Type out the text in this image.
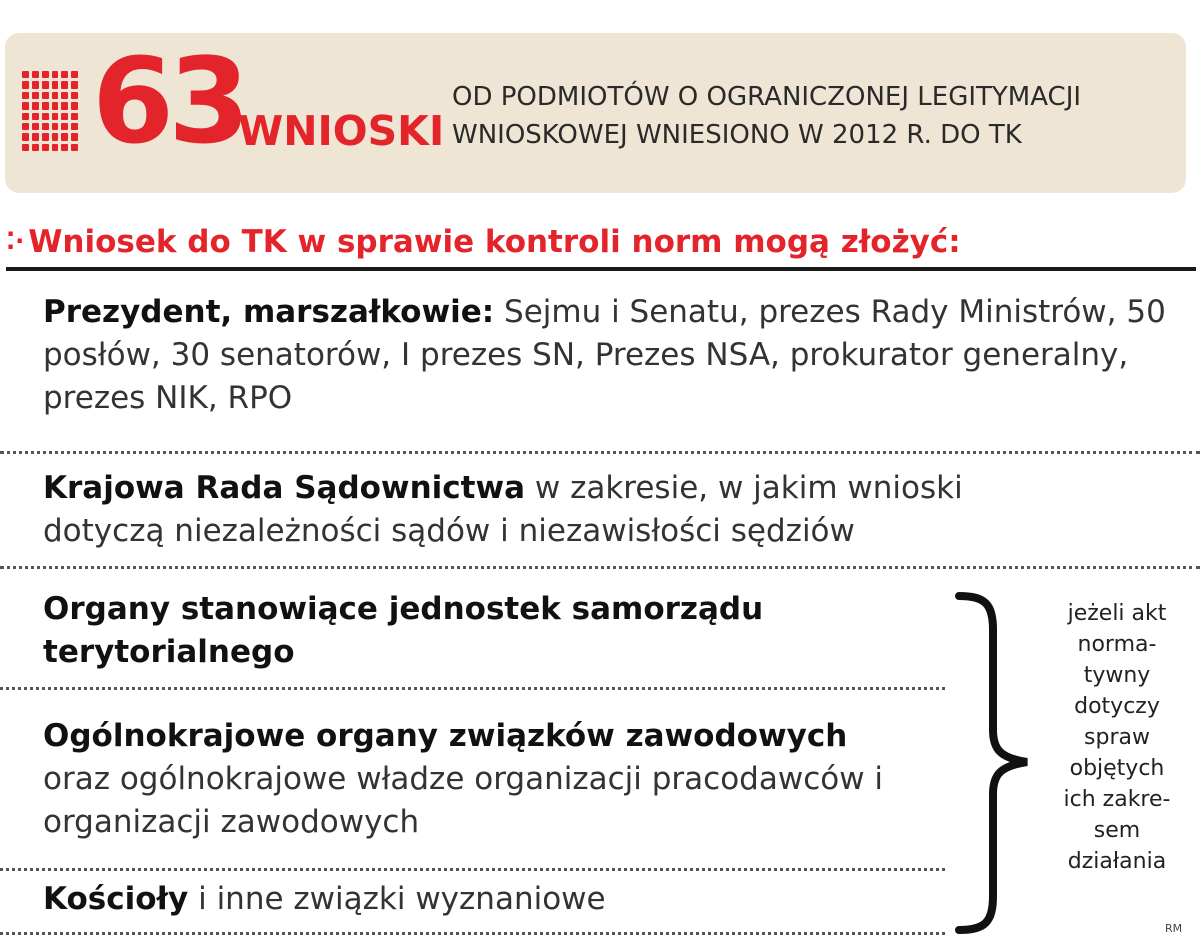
63
WNIOSKI
OD PODMIOTÓW O OGRANICZONEJ LEGITYMACJI WNIOSKOWEJ WNIESIONO W 2012 R. DO TK
⁚· Wniosek do TK w sprawie kontroli norm mogą złożyć:
Prezydent, marszałkowie: Sejmu i Senatu, prezes Rady Ministrów, 50 posłów, 30 senatorów, I prezes SN, Prezes NSA, prokurator generalny, prezes NIK, RPO
Krajowa Rada Sądownictwa w zakresie, w jakim wnioski dotyczą niezależności sądów i niezawisłości sędziów
Organy stanowiące jednostek samorządu terytorialnego
Ogólnokrajowe organy związków zawodowych
oraz ogólnokrajowe władze organizacji pracodawców i organizacji zawodowych
Kościoły i inne związki wyznaniowe
jeżeli akt norma-tywny dotyczy spraw objętych ich zakre-sem działania
RM
